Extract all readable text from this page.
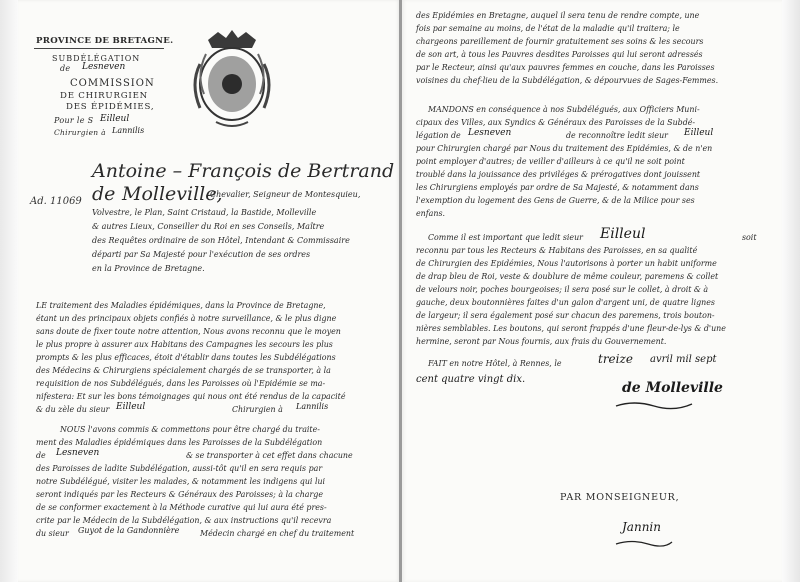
PROVINCE DE BRETAGNE.
SUBDÉLÉGATION
de Lesneven
COMMISSION
DE CHIRURGIEN
DES ÉPIDÉMIES,
Pour le S Eilleul
Chirurgien à Lannilis
Antoine – François de Bertrand
de Molleville,
Chevalier, Seigneur de Montesquieu,
Volvestre, le Plan, Saint Cristaud, la Bastide, Molleville
& autres Lieux, Conseiller du Roi en ses Conseils, Maître
des Requêtes ordinaire de son Hôtel, Intendant & Commissaire
départi par Sa Majesté pour l'exécution de ses ordres
en la Province de Bretagne.
Ad. 11069
LE traitement des Maladies épidémiques, dans la Province de Bretagne,
étant un des principaux objets confiés à notre surveillance, & le plus digne
sans doute de fixer toute notre attention, Nous avons reconnu que le moyen
le plus propre à assurer aux Habitans des Campagnes les secours les plus
prompts & les plus efficaces, étoit d'établir dans toutes les Subdélégations
des Médecins & Chirurgiens spécialement chargés de se transporter, à la
requisition de nos Subdélégués, dans les Paroisses où l'Epidémie se ma-
nifestera: Et sur les bons témoignages qui nous ont été rendus de la capacité
& du zèle du sieur Eilleul	Chirurgien à Lannilis
NOUS l'avons commis & commettons pour être chargé du traite-
ment des Maladies épidémiques dans les Paroisses de la Subdélégation
de Lesneven	& se transporter à cet effet dans chacune
des Paroisses de ladite Subdélégation, aussi-tôt qu'il en sera requis par
notre Subdélégué, visiter les malades, & notamment les indigens qui lui
seront indiqués par les Recteurs & Généraux des Paroisses; à la charge
de se conformer exactement à la Méthode curative qui lui aura été pres-
crite par le Médecin de la Subdélégation, & aux instructions qu'il recevra
du sieur Guyot de la Gandonnière	Médecin chargé en chef du traitement
des Epidémies en Bretagne, auquel il sera tenu de rendre compte, une
fois par semaine au moins, de l'état de la maladie qu'il traitera; le
chargeons pareillement de fournir gratuitement ses soins & les secours
de son art, à tous les Pauvres desdites Paroisses qui lui seront adressés
par le Recteur, ainsi qu'aux pauvres femmes en couche, dans les Paroisses
voisines du chef-lieu de la Subdélégation, & dépourvues de Sages-Femmes.
MANDONS en conséquence à nos Subdélégués, aux Officiers Muni-
cipaux des Villes, aux Syndics & Généraux des Paroisses de la Subdé-
légation de Lesneven	de reconnoître ledit sieur Eilleul
pour Chirurgien chargé par Nous du traitement des Epidémies, & de n'en
point employer d'autres; de veiller d'ailleurs à ce qu'il ne soit point
troublé dans la jouissance des priviléges & prérogatives dont jouissent
les Chirurgiens employés par ordre de Sa Majesté, & notamment dans
l'exemption du logement des Gens de Guerre, & de la Milice pour ses
enfans.
Comme il est important que ledit sieur Eilleul	soit
reconnu par tous les Recteurs & Habitans des Paroisses, en sa qualité
de Chirurgien des Epidémies, Nous l'autorisons à porter un habit uniforme
de drap bleu de Roi, veste & doublure de même couleur, paremens & collet
de velours noir, poches bourgeoises; il sera posé sur le collet, à droit & à
gauche, deux boutonnières faites d'un galon d'argent uni, de quatre lignes
de largeur; il sera également posé sur chacun des paremens, trois bouton-
nières semblables. Les boutons, qui seront frappés d'une fleur-de-lys & d'une
hermine, seront par Nous fournis, aux frais du Gouvernement.
FAIT en notre Hôtel, à Rennes, le	treize avril mil sept
cent quatre vingt dix.
de Molleville
PAR MONSEIGNEUR,
Jannin
